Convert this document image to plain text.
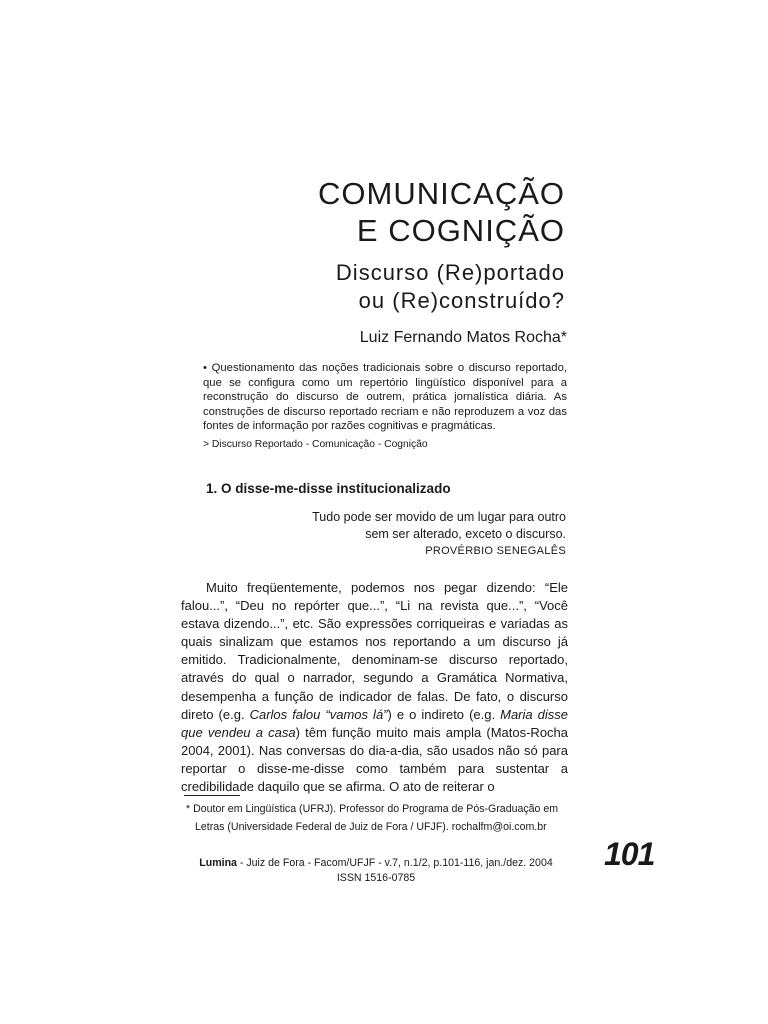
COMUNICAÇÃO
E COGNIÇÃO
Discurso (Re)portado
ou (Re)construído?
Luiz Fernando Matos Rocha*
• Questionamento das noções tradicionais sobre o discurso reportado, que se configura como um repertório lingüístico disponível para a reconstrução do discurso de outrem, prática jornalística diária. As construções de discurso reportado recriam e não reproduzem a voz das fontes de informação por razões cognitivas e pragmáticas.
> Discurso Reportado - Comunicação - Cognição
1. O disse-me-disse institucionalizado
Tudo pode ser movido de um lugar para outro
sem ser alterado, exceto o discurso.
PROVÉRBIO SENEGALÊS

Muito freqüentemente, podemos nos pegar dizendo: “Ele falou...”, “Deu no repórter que...”, “Li na revista que...”, “Você estava dizendo...”, etc. São expressões corriqueiras e variadas as quais sinalizam que estamos nos reportando a um discurso já emitido. Tradicionalmente, denominam-se discurso reportado, através do qual o narrador, segundo a Gramática Normativa, desempenha a função de indicador de falas. De fato, o discurso direto (e.g. Carlos falou “vamos lá”) e o indireto (e.g. Maria disse que vendeu a casa) têm função muito mais ampla (Matos-Rocha 2004, 2001). Nas conversas do dia-a-dia, são usados não só para reportar o disse-me-disse como também para sustentar a credibilidade daquilo que se afirma. O ato de reiterar o

* Doutor em Lingüística (UFRJ). Professor do Programa de Pós-Graduação em
Letras (Universidade Federal de Juiz de Fora / UFJF). rochalfm@oi.com.br
Lumina - Juiz de Fora - Facom/UFJF - v.7, n.1/2, p.101-116, jan./dez. 2004
ISSN 1516-0785
101
